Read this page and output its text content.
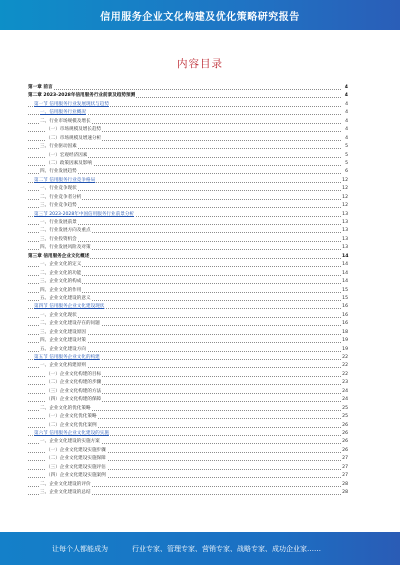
信用服务企业文化构建及优化策略研究报告
内容目录
第一章 前言	4
第二章 2023-2028年信用服务行业前景及趋势预测	4
第一节 信用服务行业发展现状与趋势	4
一、信用服务行业概况	4
二、行业市场规模及增长	4
（一）市场规模及增长趋势	4
（二）市场规模及增速分析	4
三、行业驱动因素	5
（一）宏观经济因素	5
（二）政策因素及影响	5
四、行业发展趋势	6
第二节 信用服务行业竞争格局	12
一、行业竞争现状	12
二、行业竞争者分析	12
三、行业竞争趋势	12
第三节 2023-2028年中国信用服务行业前景分析	13
一、行业发展前景	13
二、行业发展方向及重点	13
三、行业投资机会	13
四、行业发展风险及对策	13
第三章 信用服务企业文化概述	14
一、企业文化的定义	14
二、企业文化的功能	14
三、企业文化的构成	14
四、企业文化的作用	15
五、企业文化建设的意义	15
第四节 信用服务企业文化建设现状	16
一、企业文化现状	16
二、企业文化建设存在的问题	16
三、企业文化建设原因	18
四、企业文化建设对策	19
五、企业文化建设方向	19
第五节 信用服务企业文化的构建	22
一、企业文化构建原则	22
（一）企业文化构建的目标	22
（二）企业文化构建的步骤	23
（三）企业文化构建的方法	24
（四）企业文化构建的保障	24
二、企业文化的优化策略	25
（一）企业文化优化策略	25
（二）企业文化优化案例	26
第六节 信用服务企业文化建设的实施	26
一、企业文化建设的实施方案	26
（一）企业文化建设实施步骤	26
（二）企业文化建设实施保障	27
（三）企业文化建设实施评估	27
（四）企业文化建设实施案例	27
二、企业文化建设的评价	28
三、企业文化建设的总结	28
让每个人都能成为	行业专家、管理专家、营销专家、战略专家、成功企业家……
